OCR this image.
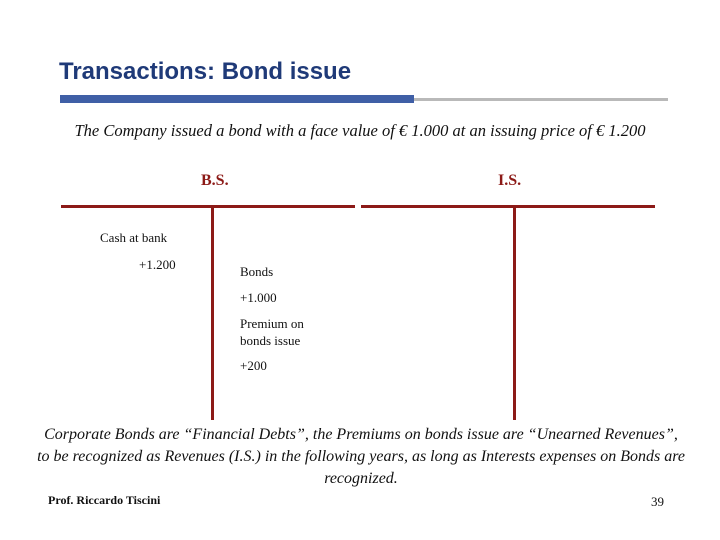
Transactions: Bond issue
The Company issued a bond with a face value of € 1.000 at an issuing price of € 1.200
B.S.	I.S.
Cash at bank
+1.200	Bonds
+1.000
Premium on
bonds issue
+200
Corporate Bonds are “Financial Debts”, the Premiums on bonds issue are “Unearned Revenues”, to be recognized as Revenues (I.S.) in the following years, as long as Interests expenses on Bonds are recognized.
Prof. Riccardo Tiscini	39
